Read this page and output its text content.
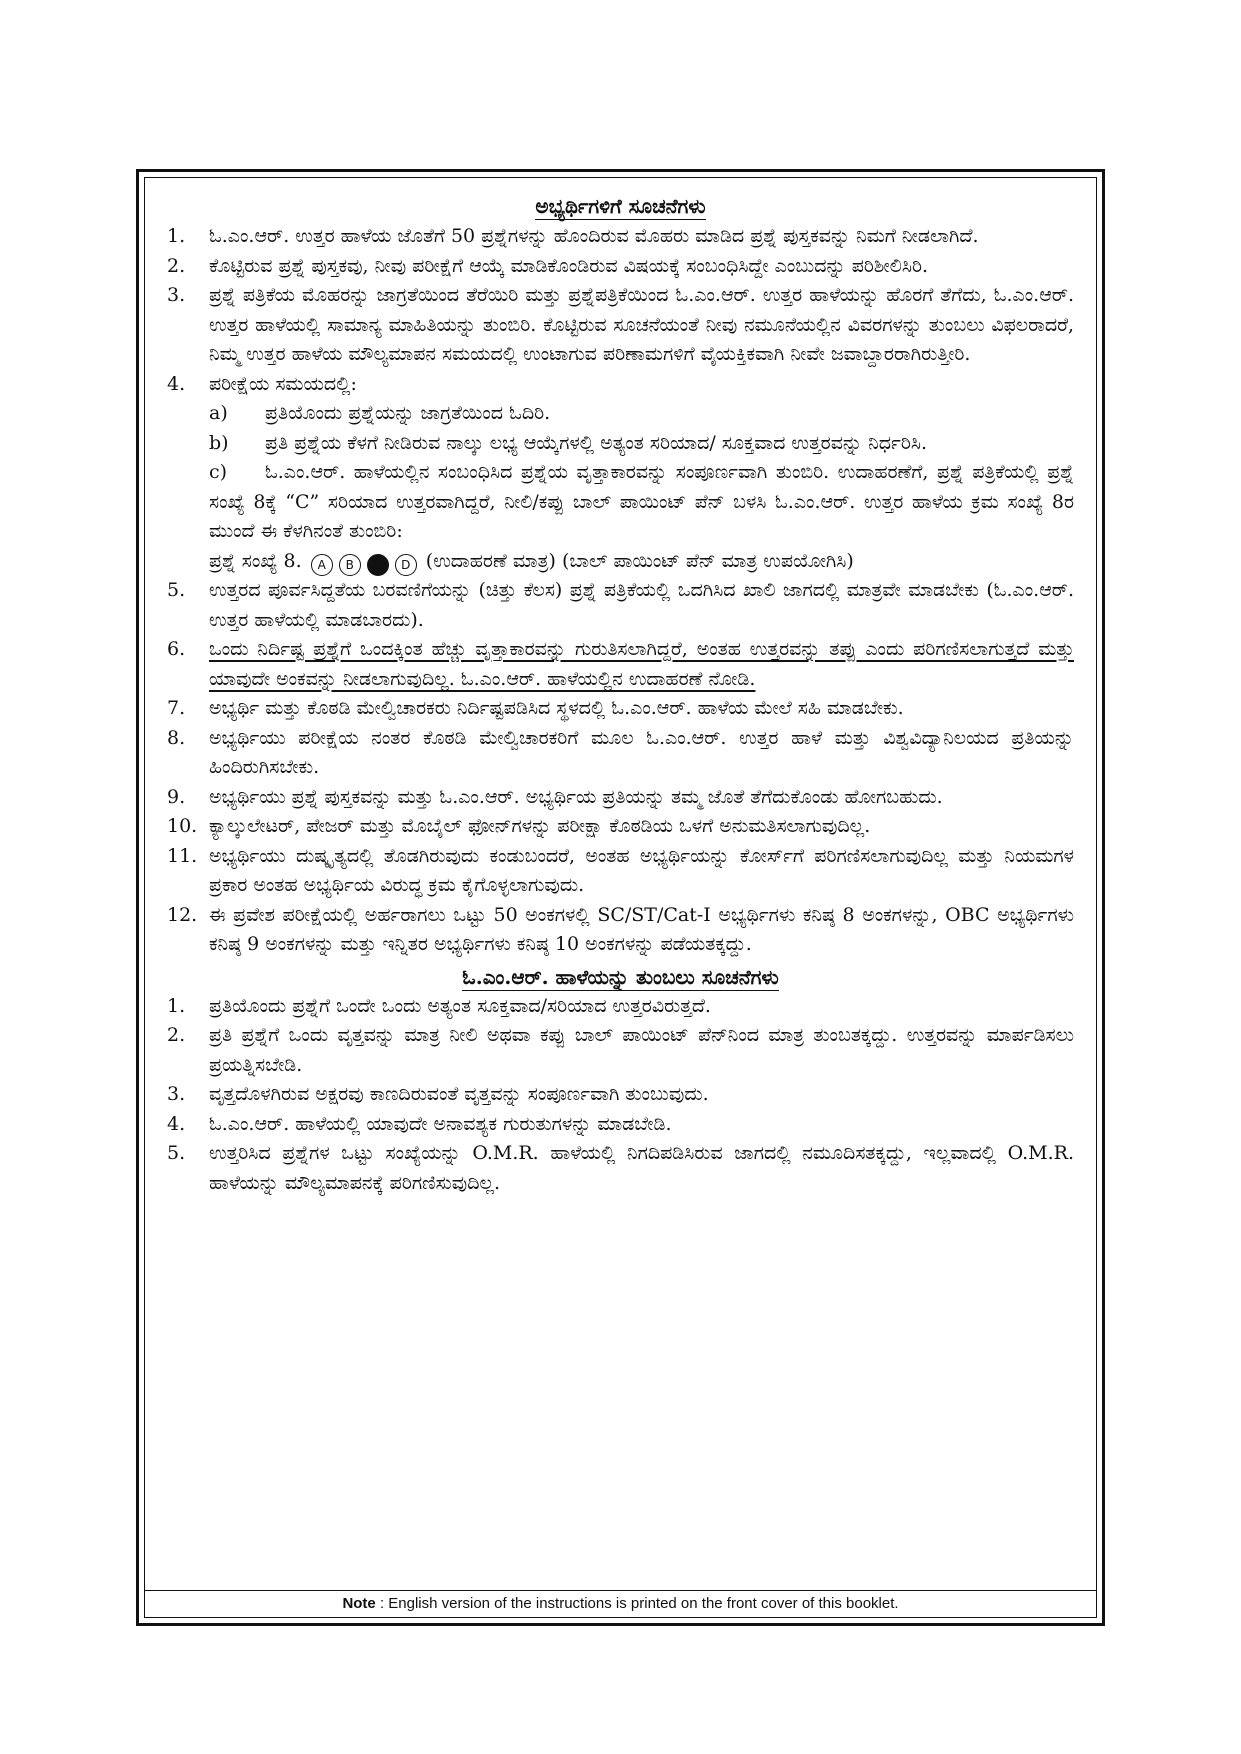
ಅಭ್ಯರ್ಥಿಗಳಿಗೆ ಸೂಚನೆಗಳು
1.	ಓ.ಎಂ.ಆರ್. ಉತ್ತರ ಹಾಳೆಯ ಜೊತೆಗೆ 50 ಪ್ರಶ್ನೆಗಳನ್ನು ಹೊಂದಿರುವ ಮೊಹರು ಮಾಡಿದ ಪ್ರಶ್ನೆ ಪುಸ್ತಕವನ್ನು ನಿಮಗೆ ನೀಡಲಾಗಿದೆ.
2.	ಕೊಟ್ಟಿರುವ ಪ್ರಶ್ನೆ ಪುಸ್ತಕವು, ನೀವು ಪರೀಕ್ಷೆಗೆ ಆಯ್ಕೆ ಮಾಡಿಕೊಂಡಿರುವ ವಿಷಯಕ್ಕೆ ಸಂಬಂಧಿಸಿದ್ದೇ ಎಂಬುದನ್ನು ಪರಿಶೀಲಿಸಿರಿ.
3.	ಪ್ರಶ್ನೆ ಪತ್ರಿಕೆಯ ಮೊಹರನ್ನು ಜಾಗ್ರತೆಯಿಂದ ತೆರೆಯಿರಿ ಮತ್ತು ಪ್ರಶ್ನೆಪತ್ರಿಕೆಯಿಂದ ಓ.ಎಂ.ಆರ್. ಉತ್ತರ ಹಾಳೆಯನ್ನು ಹೊರಗೆ ತೆಗೆದು, ಓ.ಎಂ.ಆರ್. ಉತ್ತರ ಹಾಳೆಯಲ್ಲಿ ಸಾಮಾನ್ಯ ಮಾಹಿತಿಯನ್ನು ತುಂಬಿರಿ. ಕೊಟ್ಟಿರುವ ಸೂಚನೆಯಂತೆ ನೀವು ನಮೂನೆಯಲ್ಲಿನ ವಿವರಗಳನ್ನು ತುಂಬಲು ವಿಫಲರಾದರೆ, ನಿಮ್ಮ ಉತ್ತರ ಹಾಳೆಯ ಮೌಲ್ಯಮಾಪನ ಸಮಯದಲ್ಲಿ ಉಂಟಾಗುವ ಪರಿಣಾಮಗಳಿಗೆ ವೈಯಕ್ತಿಕವಾಗಿ ನೀವೇ ಜವಾಬ್ದಾರರಾಗಿರುತ್ತೀರಿ.
4.	ಪರೀಕ್ಷೆಯ ಸಮಯದಲ್ಲಿ:
a)	ಪ್ರತಿಯೊಂದು ಪ್ರಶ್ನೆಯನ್ನು ಜಾಗ್ರತೆಯಿಂದ ಓದಿರಿ.
b)	ಪ್ರತಿ ಪ್ರಶ್ನೆಯ ಕೆಳಗೆ ನೀಡಿರುವ ನಾಲ್ಕು ಲಭ್ಯ ಆಯ್ಕೆಗಳಲ್ಲಿ ಅತ್ಯಂತ ಸರಿಯಾದ/ ಸೂಕ್ತವಾದ ಉತ್ತರವನ್ನು ನಿರ್ಧರಿಸಿ.
c) ಓ.ಎಂ.ಆರ್. ಹಾಳೆಯಲ್ಲಿನ ಸಂಬಂಧಿಸಿದ ಪ್ರಶ್ನೆಯ ವೃತ್ತಾಕಾರವನ್ನು ಸಂಪೂರ್ಣವಾಗಿ ತುಂಬಿರಿ. ಉದಾಹರಣೆಗೆ, ಪ್ರಶ್ನೆ ಪತ್ರಿಕೆಯಲ್ಲಿ ಪ್ರಶ್ನೆ ಸಂಖ್ಯೆ 8ಕ್ಕೆ “C” ಸರಿಯಾದ ಉತ್ತರವಾಗಿದ್ದರೆ, ನೀಲಿ/ಕಪ್ಪು ಬಾಲ್ ಪಾಯಿಂಟ್ ಪೆನ್ ಬಳಸಿ ಓ.ಎಂ.ಆರ್. ಉತ್ತರ ಹಾಳೆಯ ಕ್ರಮ ಸಂಖ್ಯೆ 8ರ ಮುಂದೆ ಈ ಕೆಳಗಿನಂತೆ ತುಂಬಿರಿ:
ಪ್ರಶ್ನೆ ಸಂಖ್ಯೆ 8. A B C D (ಉದಾಹರಣೆ ಮಾತ್ರ) (ಬಾಲ್ ಪಾಯಿಂಟ್ ಪೆನ್ ಮಾತ್ರ ಉಪಯೋಗಿಸಿ)
5.	ಉತ್ತರದ ಪೂರ್ವಸಿದ್ದತೆಯ ಬರವಣಿಗೆಯನ್ನು (ಚಿತ್ತು ಕೆಲಸ) ಪ್ರಶ್ನೆ ಪತ್ರಿಕೆಯಲ್ಲಿ ಒದಗಿಸಿದ ಖಾಲಿ ಜಾಗದಲ್ಲಿ ಮಾತ್ರವೇ ಮಾಡಬೇಕು (ಓ.ಎಂ.ಆರ್. ಉತ್ತರ ಹಾಳೆಯಲ್ಲಿ ಮಾಡಬಾರದು).
6.	ಒಂದು ನಿರ್ದಿಷ್ಟ ಪ್ರಶ್ನೆಗೆ ಒಂದಕ್ಕಿಂತ ಹೆಚ್ಚು ವೃತ್ತಾಕಾರವನ್ನು ಗುರುತಿಸಲಾಗಿದ್ದರೆ, ಅಂತಹ ಉತ್ತರವನ್ನು ತಪ್ಪು ಎಂದು ಪರಿಗಣಿಸಲಾಗುತ್ತದೆ ಮತ್ತು ಯಾವುದೇ ಅಂಕವನ್ನು ನೀಡಲಾಗುವುದಿಲ್ಲ. ಓ.ಎಂ.ಆರ್. ಹಾಳೆಯಲ್ಲಿನ ಉದಾಹರಣೆ ನೋಡಿ.
7.	ಅಭ್ಯರ್ಥಿ ಮತ್ತು ಕೊಠಡಿ ಮೇಲ್ವಿಚಾರಕರು ನಿರ್ದಿಷ್ಟಪಡಿಸಿದ ಸ್ಥಳದಲ್ಲಿ ಓ.ಎಂ.ಆರ್. ಹಾಳೆಯ ಮೇಲೆ ಸಹಿ ಮಾಡಬೇಕು.
8.	ಅಭ್ಯರ್ಥಿಯು ಪರೀಕ್ಷೆಯ ನಂತರ ಕೊಠಡಿ ಮೇಲ್ವಿಚಾರಕರಿಗೆ ಮೂಲ ಓ.ಎಂ.ಆರ್. ಉತ್ತರ ಹಾಳೆ ಮತ್ತು ವಿಶ್ವವಿದ್ಯಾನಿಲಯದ ಪ್ರತಿಯನ್ನು ಹಿಂದಿರುಗಿಸಬೇಕು.
9.	ಅಭ್ಯರ್ಥಿಯು ಪ್ರಶ್ನೆ ಪುಸ್ತಕವನ್ನು ಮತ್ತು ಓ.ಎಂ.ಆರ್. ಅಭ್ಯರ್ಥಿಯ ಪ್ರತಿಯನ್ನು ತಮ್ಮ ಜೊತೆ ತೆಗೆದುಕೊಂಡು ಹೋಗಬಹುದು.
10. ಕ್ಯಾಲ್ಕುಲೇಟರ್, ಪೇಜರ್ ಮತ್ತು ಮೊಬೈಲ್ ಫೋನ್‌ಗಳನ್ನು ಪರೀಕ್ಷಾ ಕೊಠಡಿಯ ಒಳಗೆ ಅನುಮತಿಸಲಾಗುವುದಿಲ್ಲ.
11. ಅಭ್ಯರ್ಥಿಯು ದುಷ್ಕೃತ್ಯದಲ್ಲಿ ತೊಡಗಿರುವುದು ಕಂಡುಬಂದರೆ, ಅಂತಹ ಅಭ್ಯರ್ಥಿಯನ್ನು ಕೋರ್ಸ್‌ಗೆ ಪರಿಗಣಿಸಲಾಗುವುದಿಲ್ಲ ಮತ್ತು ನಿಯಮಗಳ ಪ್ರಕಾರ ಅಂತಹ ಅಭ್ಯರ್ಥಿಯ ವಿರುದ್ಧ ಕ್ರಮ ಕೈಗೊಳ್ಳಲಾಗುವುದು.
12. ಈ ಪ್ರವೇಶ ಪರೀಕ್ಷೆಯಲ್ಲಿ ಅರ್ಹರಾಗಲು ಒಟ್ಟು 50 ಅಂಕಗಳಲ್ಲಿ SC/ST/Cat-I ಅಭ್ಯರ್ಥಿಗಳು ಕನಿಷ್ಠ 8 ಅಂಕಗಳನ್ನು, OBC ಅಭ್ಯರ್ಥಿಗಳು ಕನಿಷ್ಠ 9 ಅಂಕಗಳನ್ನು ಮತ್ತು ಇನ್ನಿತರ ಅಭ್ಯರ್ಥಿಗಳು ಕನಿಷ್ಠ 10 ಅಂಕಗಳನ್ನು ಪಡೆಯತಕ್ಕದ್ದು.
ಓ.ಎಂ.ಆರ್. ಹಾಳೆಯನ್ನು ತುಂಬಲು ಸೂಚನೆಗಳು
1.	ಪ್ರತಿಯೊಂದು ಪ್ರಶ್ನೆಗೆ ಒಂದೇ ಒಂದು ಅತ್ಯಂತ ಸೂಕ್ತವಾದ/ಸರಿಯಾದ ಉತ್ತರವಿರುತ್ತದೆ.
2.	ಪ್ರತಿ ಪ್ರಶ್ನೆಗೆ ಒಂದು ವೃತ್ತವನ್ನು ಮಾತ್ರ ನೀಲಿ ಅಥವಾ ಕಪ್ಪು ಬಾಲ್ ಪಾಯಿಂಟ್ ಪೆನ್‌ನಿಂದ ಮಾತ್ರ ತುಂಬತಕ್ಕದ್ದು. ಉತ್ತರವನ್ನು ಮಾರ್ಪಡಿಸಲು ಪ್ರಯತ್ನಿಸಬೇಡಿ.
3.	ವೃತ್ತದೊಳಗಿರುವ ಅಕ್ಷರವು ಕಾಣದಿರುವಂತೆ ವೃತ್ತವನ್ನು ಸಂಪೂರ್ಣವಾಗಿ ತುಂಬುವುದು.
4.	ಓ.ಎಂ.ಆರ್. ಹಾಳೆಯಲ್ಲಿ ಯಾವುದೇ ಅನಾವಶ್ಯಕ ಗುರುತುಗಳನ್ನು ಮಾಡಬೇಡಿ.
5.	ಉತ್ತರಿಸಿದ ಪ್ರಶ್ನೆಗಳ ಒಟ್ಟು ಸಂಖ್ಯೆಯನ್ನು O.M.R. ಹಾಳೆಯಲ್ಲಿ ನಿಗದಿಪಡಿಸಿರುವ ಜಾಗದಲ್ಲಿ ನಮೂದಿಸತಕ್ಕದ್ದು, ಇಲ್ಲವಾದಲ್ಲಿ O.M.R. ಹಾಳೆಯನ್ನು ಮೌಲ್ಯಮಾಪನಕ್ಕೆ ಪರಿಗಣಿಸುವುದಿಲ್ಲ.
Note : English version of the instructions is printed on the front cover of this booklet.
